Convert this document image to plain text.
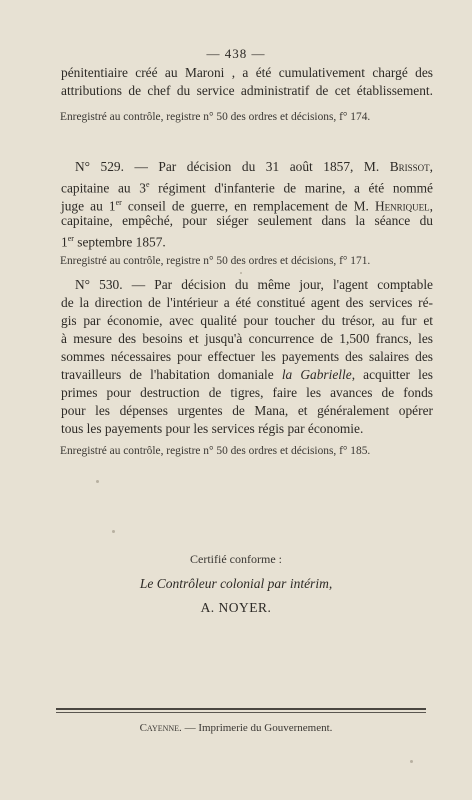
— 438 —
pénitentiaire créé au Maroni , a été cumulativement chargé des
attributions de chef du service administratif de cet établissement.
Enregistré au contrôle, registre n° 50 des ordres et décisions, f° 174.
N° 529. — Par décision du 31 août 1857, M. Brissot,
capitaine au 3e régiment d'infanterie de marine, a été nommé
juge au 1er conseil de guerre, en remplacement de M. Henriquel,
capitaine, empêché, pour siéger seulement dans la séance du
1er septembre 1857.
Enregistré au contrôle, registre n° 50 des ordres et décisions, f° 171.
N° 530. — Par décision du même jour, l'agent comptable
de la direction de l'intérieur a été constitué agent des services ré-
gis par économie, avec qualité pour toucher du trésor, au fur et
à mesure des besoins et jusqu'à concurrence de 1,500 francs, les
sommes nécessaires pour effectuer les payements des salaires des
travailleurs de l'habitation domaniale la Gabrielle, acquitter les
primes pour destruction de tigres, faire les avances de fonds
pour les dépenses urgentes de Mana, et généralement opérer
tous les payements pour les services régis par économie.
Enregistré au contrôle, registre n° 50 des ordres et décisions, f° 185.
Certifié conforme :
Le Contrôleur colonial par intérim,
A. NOYER.
Cayenne. — Imprimerie du Gouvernement.
